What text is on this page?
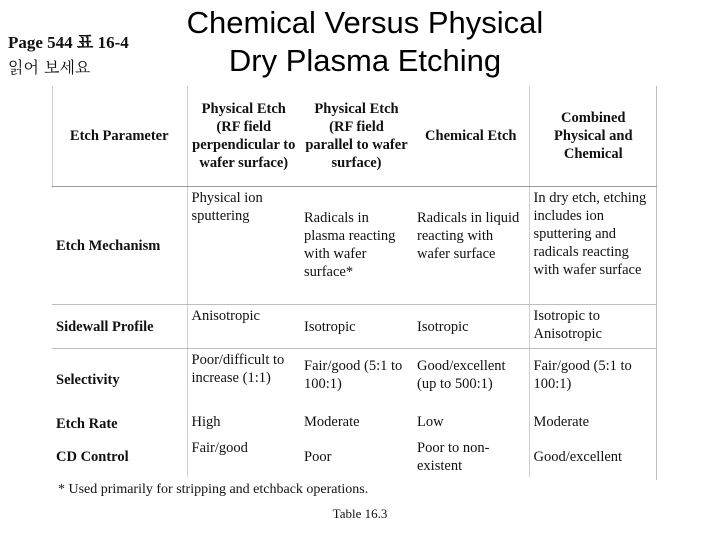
Page 544 표 16-4
읽어 보세요
Chemical Versus Physical
Dry Plasma Etching
Etch Parameter	Physical Etch (RF field perpendicular to wafer surface)	Physical Etch (RF field parallel to wafer surface)	Chemical Etch	Combined Physical and Chemical
Etch Mechanism	Physical ion sputtering	Radicals in plasma reacting with wafer surface*	Radicals in liquid reacting with wafer surface	In dry etch, etching includes ion sputtering and radicals reacting with wafer surface
Sidewall Profile	Anisotropic	Isotropic	Isotropic	Isotropic to Anisotropic
Selectivity	Poor/difficult to increase (1:1)	Fair/good (5:1 to 100:1)	Good/excellent (up to 500:1)	Fair/good (5:1 to 100:1)
Etch Rate	High	Moderate	Low	Moderate
CD Control	Fair/good	Poor	Poor to non-existent	Good/excellent
* Used primarily for stripping and etchback operations.
Table 16.3
